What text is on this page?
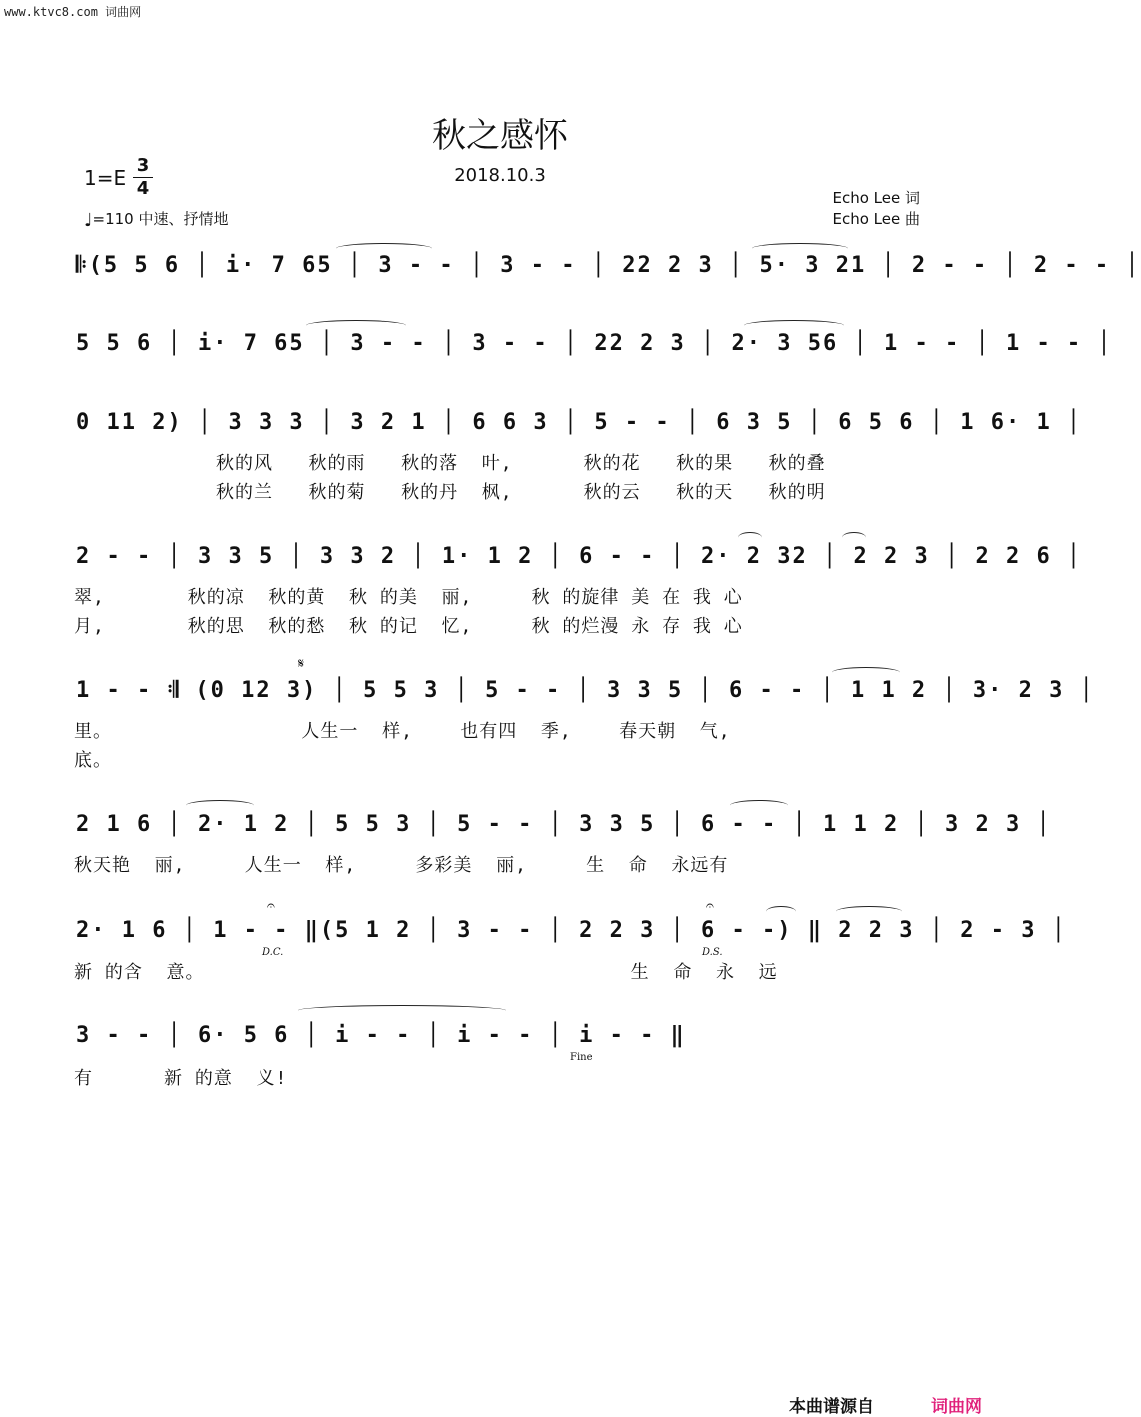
www.ktvc8.com 词曲网
秋之感怀
2018.10.3
1=E
3
4
♩=110 中速、抒情地
Echo Lee 词
Echo Lee 曲
𝄆(5 5 6 │ i· 7 65 │ 3 - - │ 3 - - │ 22 2 3 │ 5· 3 21 │ 2 - - │ 2 - - │
5 5 6 │ i· 7 65 │ 3 - - │ 3 - - │ 22 2 3 │ 2· 3 56 │ 1 - - │ 1 - - │
0 11 2) │ 3 3 3 │ 3 2 1 │ 6 6 3 │ 5 - - │ 6 3 5 │ 6 5 6 │ 1 6· 1 │
秋的风   秋的雨   秋的落  叶,      秋的花   秋的果   秋的叠
秋的兰   秋的菊   秋的丹  枫,      秋的云   秋的天   秋的明
2 - - │ 3 3 5 │ 3 3 2 │ 1· 1 2 │ 6 - - │ 2· 2 32 │ 2 2 3 │ 2 2 6 │
翠,       秋的凉  秋的黄  秋 的美  丽,     秋 的旋律 美 在 我 心
月,       秋的思  秋的愁  秋 的记  忆,     秋 的烂漫 永 存 我 心
𝄋
1 - - 𝄇 (0 12 3) │ 5 5 3 │ 5 - - │ 3 3 5 │ 6 - - │ 1 1 2 │ 3· 2 3 │
里。                人生一  样,    也有四  季,    春天朝  气,
底。
2 1 6 │ 2· 1 2 │ 5 5 3 │ 5 - - │ 3 3 5 │ 6 - - │ 1 1 2 │ 3 2 3 │
秋天艳  丽,     人生一  样,     多彩美  丽,     生  命  永远有
𝄐	𝄐
2· 1 6 │ 1 - - ‖(5 1 2 │ 3 - - │ 2 2 3 │ 6 - -) ‖ 2 2 3 │ 2 - 3 │
D.C.	D.S.
新 的含  意。                                    生  命  永  远
3 - - │ 6· 5 6 │ i - - │ i - - │ i - - ‖
Fine
有      新 的意  义!
本曲谱源自	词曲网
